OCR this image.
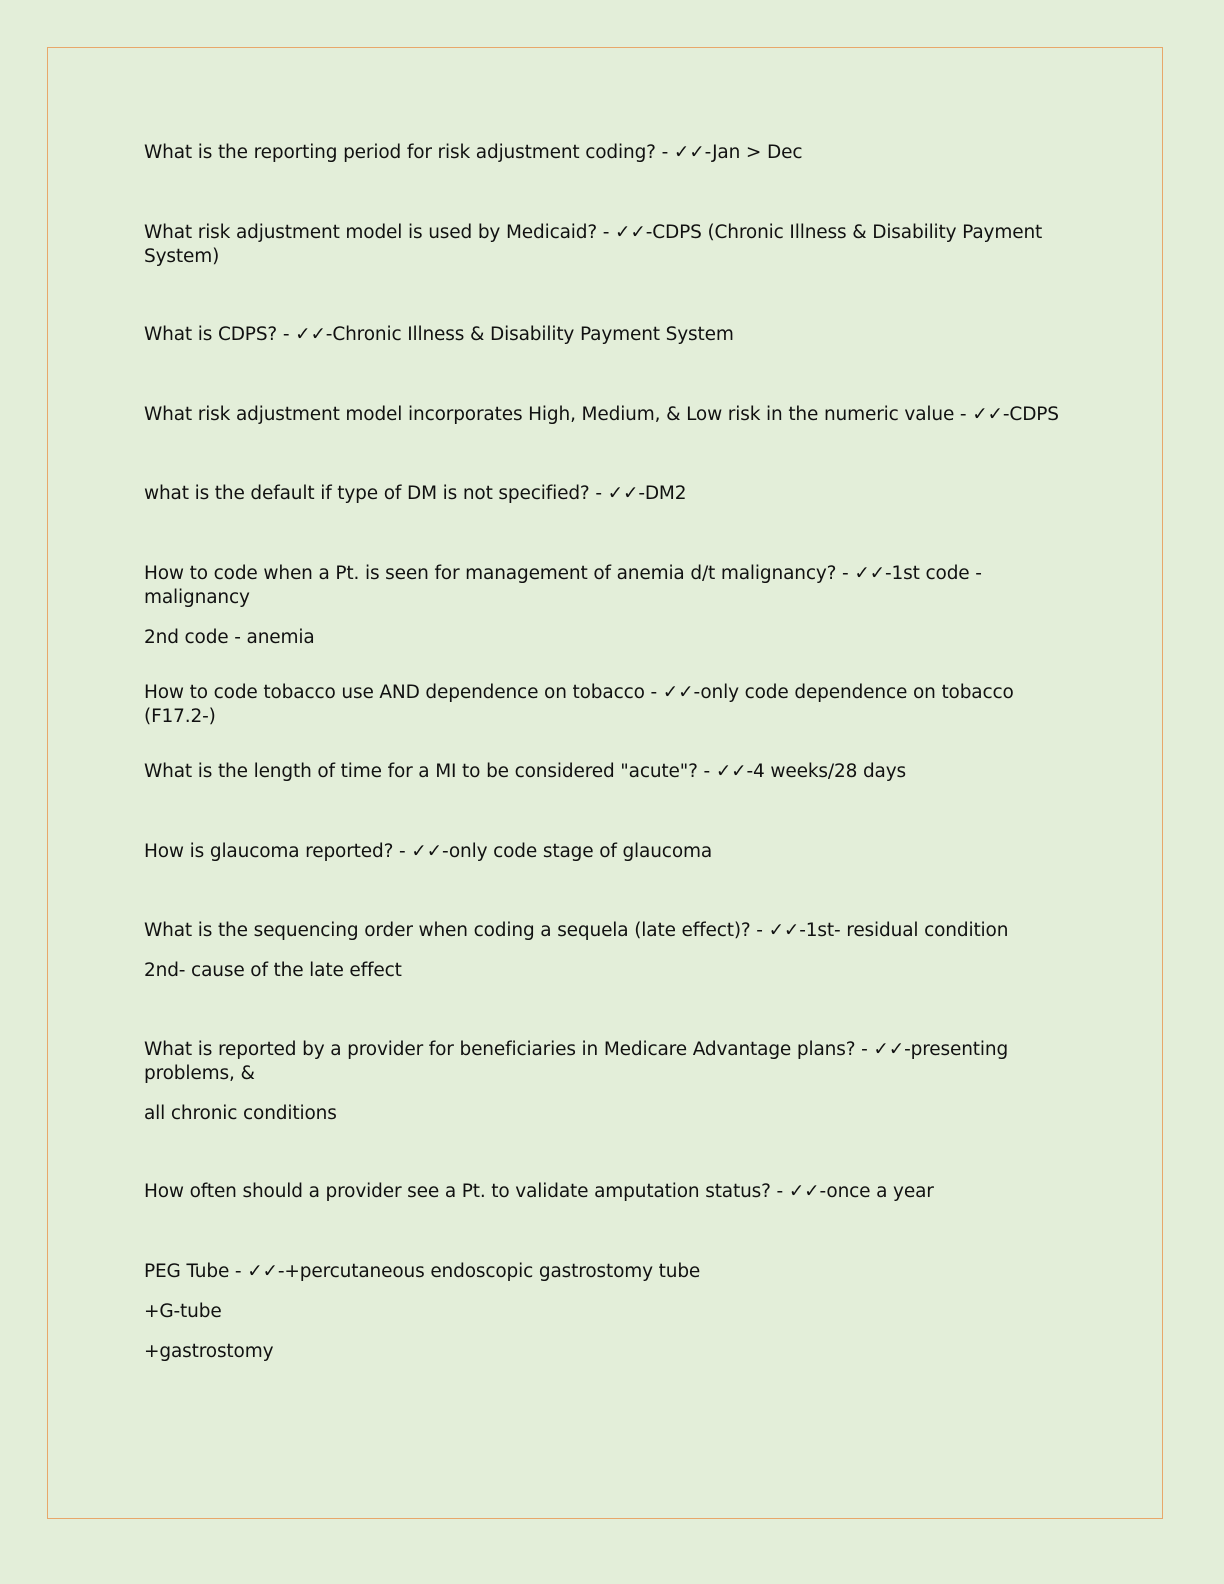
What is the reporting period for risk adjustment coding? - ✓✓-Jan > Dec
What risk adjustment model is used by Medicaid? - ✓✓-CDPS (Chronic Illness & Disability Payment System)
What is CDPS? - ✓✓-Chronic Illness & Disability Payment System
What risk adjustment model incorporates High, Medium, & Low risk in the numeric value - ✓✓-CDPS
what is the default if type of DM is not specified? - ✓✓-DM2
How to code when a Pt. is seen for management of anemia d/t malignancy? - ✓✓-1st code - malignancy
2nd code - anemia
How to code tobacco use AND dependence on tobacco - ✓✓-only code dependence on tobacco (F17.2-)
What is the length of time for a MI to be considered "acute"? - ✓✓-4 weeks/28 days
How is glaucoma reported? - ✓✓-only code stage of glaucoma
What is the sequencing order when coding a sequela (late effect)? - ✓✓-1st- residual condition
2nd- cause of the late effect
What is reported by a provider for beneficiaries in Medicare Advantage plans? - ✓✓-presenting problems, &
all chronic conditions
How often should a provider see a Pt. to validate amputation status? - ✓✓-once a year
PEG Tube - ✓✓-+percutaneous endoscopic gastrostomy tube
+G-tube
+gastrostomy
